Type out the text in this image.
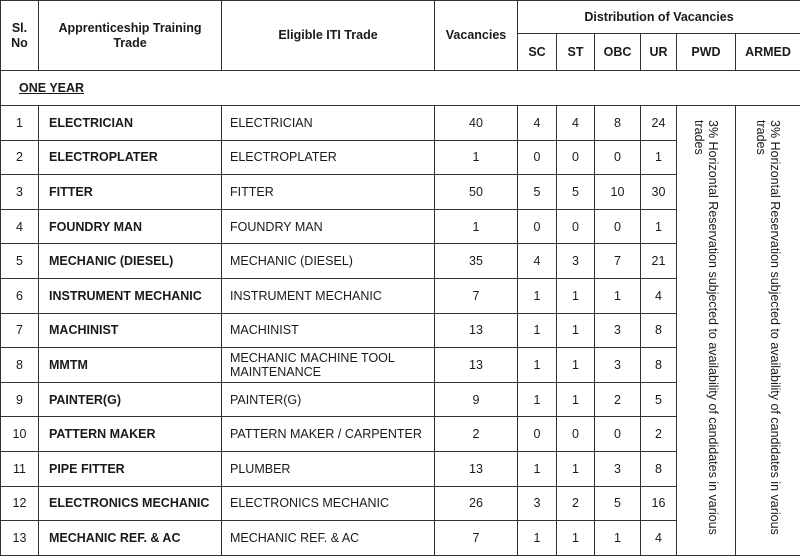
Sl. No	Apprenticeship Training Trade	Eligible ITI Trade	Vacancies	Distribution of Vacancies					
				SC	ST	OBC	UR	PWD	ARMED
ONE YEAR									
1	ELECTRICIAN	ELECTRICIAN	40	4	4	8	24	3% Horizontal Reservation subjected to availability of candidates in various trades	3% Horizontal Reservation subjected to availability of candidates in various trades

2	ELECTROPLATER	ELECTROPLATER	1	0	0	0	1		
3	FITTER	FITTER	50	5	5	10	30		
4	FOUNDRY MAN	FOUNDRY MAN	1	0	0	0	1		
5	MECHANIC (DIESEL)	MECHANIC (DIESEL)	35	4	3	7	21		
6	INSTRUMENT MECHANIC	INSTRUMENT MECHANIC	7	1	1	1	4		
7	MACHINIST	MACHINIST	13	1	1	3	8		
8	MMTM	MECHANIC MACHINE TOOL MAINTENANCE	13	1	1	3	8		
9	PAINTER(G)	PAINTER(G)	9	1	1	2	5		
10	PATTERN MAKER	PATTERN MAKER / CARPENTER	2	0	0	0	2		
11	PIPE FITTER	PLUMBER	13	1	1	3	8		
12	ELECTRONICS MECHANIC	ELECTRONICS MECHANIC	26	3	2	5	16		
13	MECHANIC REF. & AC	MECHANIC REF. & AC	7	1	1	1	4		
